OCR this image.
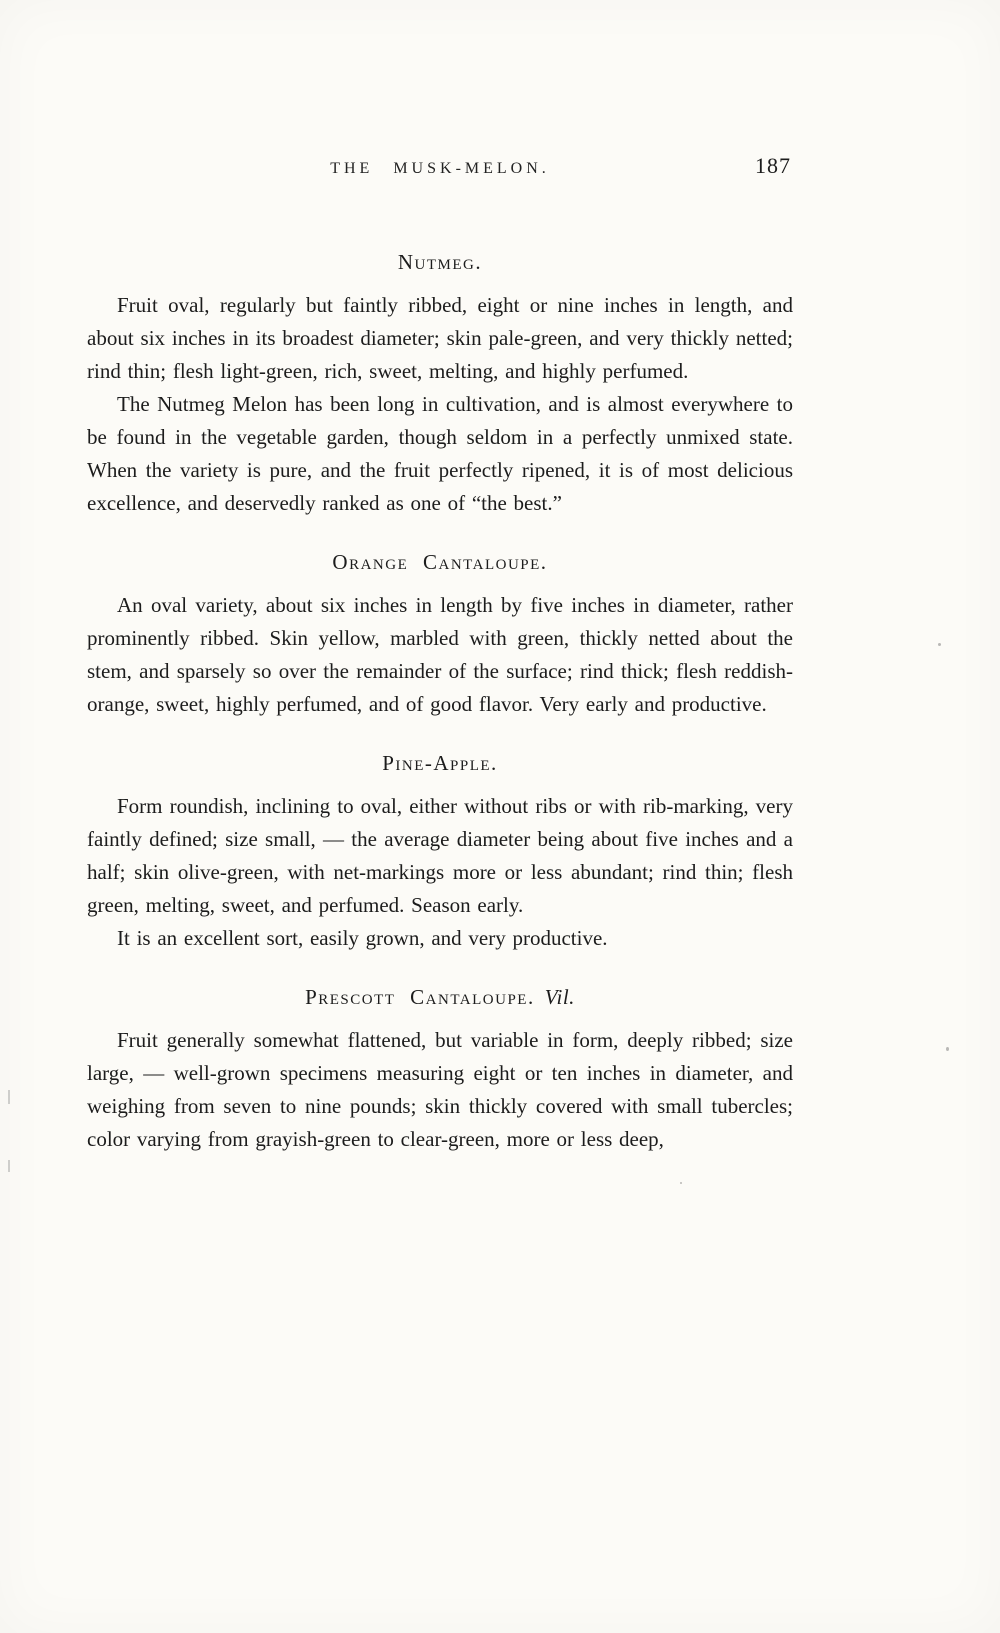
THE MUSK-MELON.	187
Nutmeg.

Fruit oval, regularly but faintly ribbed, eight or nine inches in length, and about six inches in its broadest diameter; skin pale-green, and very thickly netted; rind thin; flesh light-green, rich, sweet, melting, and highly perfumed.

The Nutmeg Melon has been long in cultivation, and is almost everywhere to be found in the vegetable garden, though seldom in a perfectly unmixed state. When the variety is pure, and the fruit perfectly ripened, it is of most delicious excellence, and deservedly ranked as one of “the best.”

Orange Cantaloupe.

An oval variety, about six inches in length by five inches in diameter, rather prominently ribbed. Skin yellow, marbled with green, thickly netted about the stem, and sparsely so over the remainder of the surface; rind thick; flesh reddish-orange, sweet, highly perfumed, and of good flavor. Very early and productive.

Pine-Apple.

Form roundish, inclining to oval, either without ribs or with rib-marking, very faintly defined; size small, — the average diameter being about five inches and a half; skin olive-green, with net-markings more or less abundant; rind thin; flesh green, melting, sweet, and perfumed. Season early.

It is an excellent sort, easily grown, and very productive.

Prescott Cantaloupe. Vil.

Fruit generally somewhat flattened, but variable in form, deeply ribbed; size large, — well-grown specimens measuring eight or ten inches in diameter, and weighing from seven to nine pounds; skin thickly covered with small tubercles; color varying from grayish-green to clear-green, more or less deep,
